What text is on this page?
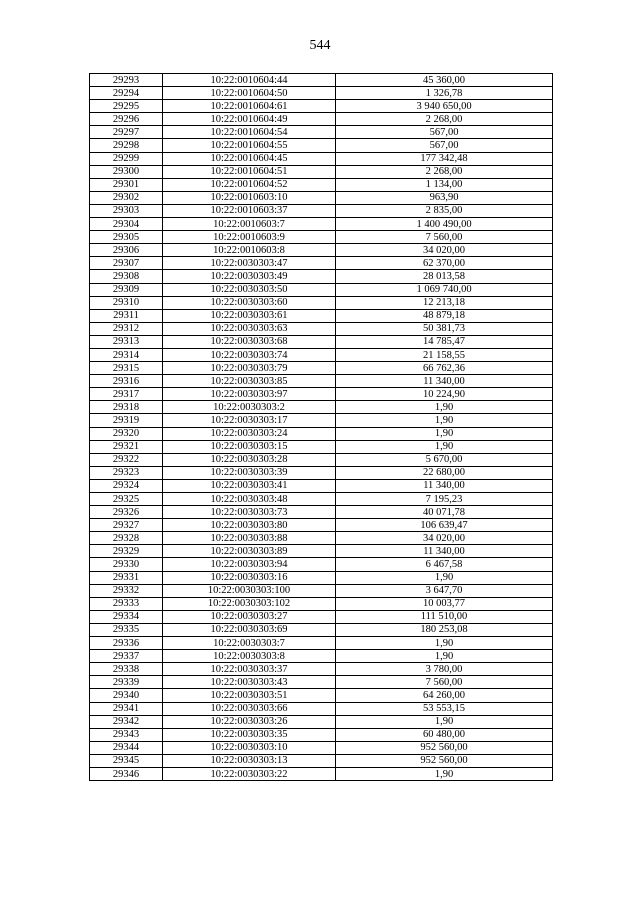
544
29293	10:22:0010604:44	45 360,00
29294	10:22:0010604:50	1 326,78
29295	10:22:0010604:61	3 940 650,00
29296	10:22:0010604:49	2 268,00
29297	10:22:0010604:54	567,00
29298	10:22:0010604:55	567,00
29299	10:22:0010604:45	177 342,48
29300	10:22:0010604:51	2 268,00
29301	10:22:0010604:52	1 134,00
29302	10:22:0010603:10	963,90
29303	10:22:0010603:37	2 835,00
29304	10:22:0010603:7	1 400 490,00
29305	10:22:0010603:9	7 560,00
29306	10:22:0010603:8	34 020,00
29307	10:22:0030303:47	62 370,00
29308	10:22:0030303:49	28 013,58
29309	10:22:0030303:50	1 069 740,00
29310	10:22:0030303:60	12 213,18
29311	10:22:0030303:61	48 879,18
29312	10:22:0030303:63	50 381,73
29313	10:22:0030303:68	14 785,47
29314	10:22:0030303:74	21 158,55
29315	10:22:0030303:79	66 762,36
29316	10:22:0030303:85	11 340,00
29317	10:22:0030303:97	10 224,90
29318	10:22:0030303:2	1,90
29319	10:22:0030303:17	1,90
29320	10:22:0030303:24	1,90
29321	10:22:0030303:15	1,90
29322	10:22:0030303:28	5 670,00
29323	10:22:0030303:39	22 680,00
29324	10:22:0030303:41	11 340,00
29325	10:22:0030303:48	7 195,23
29326	10:22:0030303:73	40 071,78
29327	10:22:0030303:80	106 639,47
29328	10:22:0030303:88	34 020,00
29329	10:22:0030303:89	11 340,00
29330	10:22:0030303:94	6 467,58
29331	10:22:0030303:16	1,90
29332	10:22:0030303:100	3 647,70
29333	10:22:0030303:102	10 003,77
29334	10:22:0030303:27	111 510,00
29335	10:22:0030303:69	180 253,08
29336	10:22:0030303:7	1,90
29337	10:22:0030303:8	1,90
29338	10:22:0030303:37	3 780,00
29339	10:22:0030303:43	7 560,00
29340	10:22:0030303:51	64 260,00
29341	10:22:0030303:66	53 553,15
29342	10:22:0030303:26	1,90
29343	10:22:0030303:35	60 480,00
29344	10:22:0030303:10	952 560,00
29345	10:22:0030303:13	952 560,00
29346	10:22:0030303:22	1,90
